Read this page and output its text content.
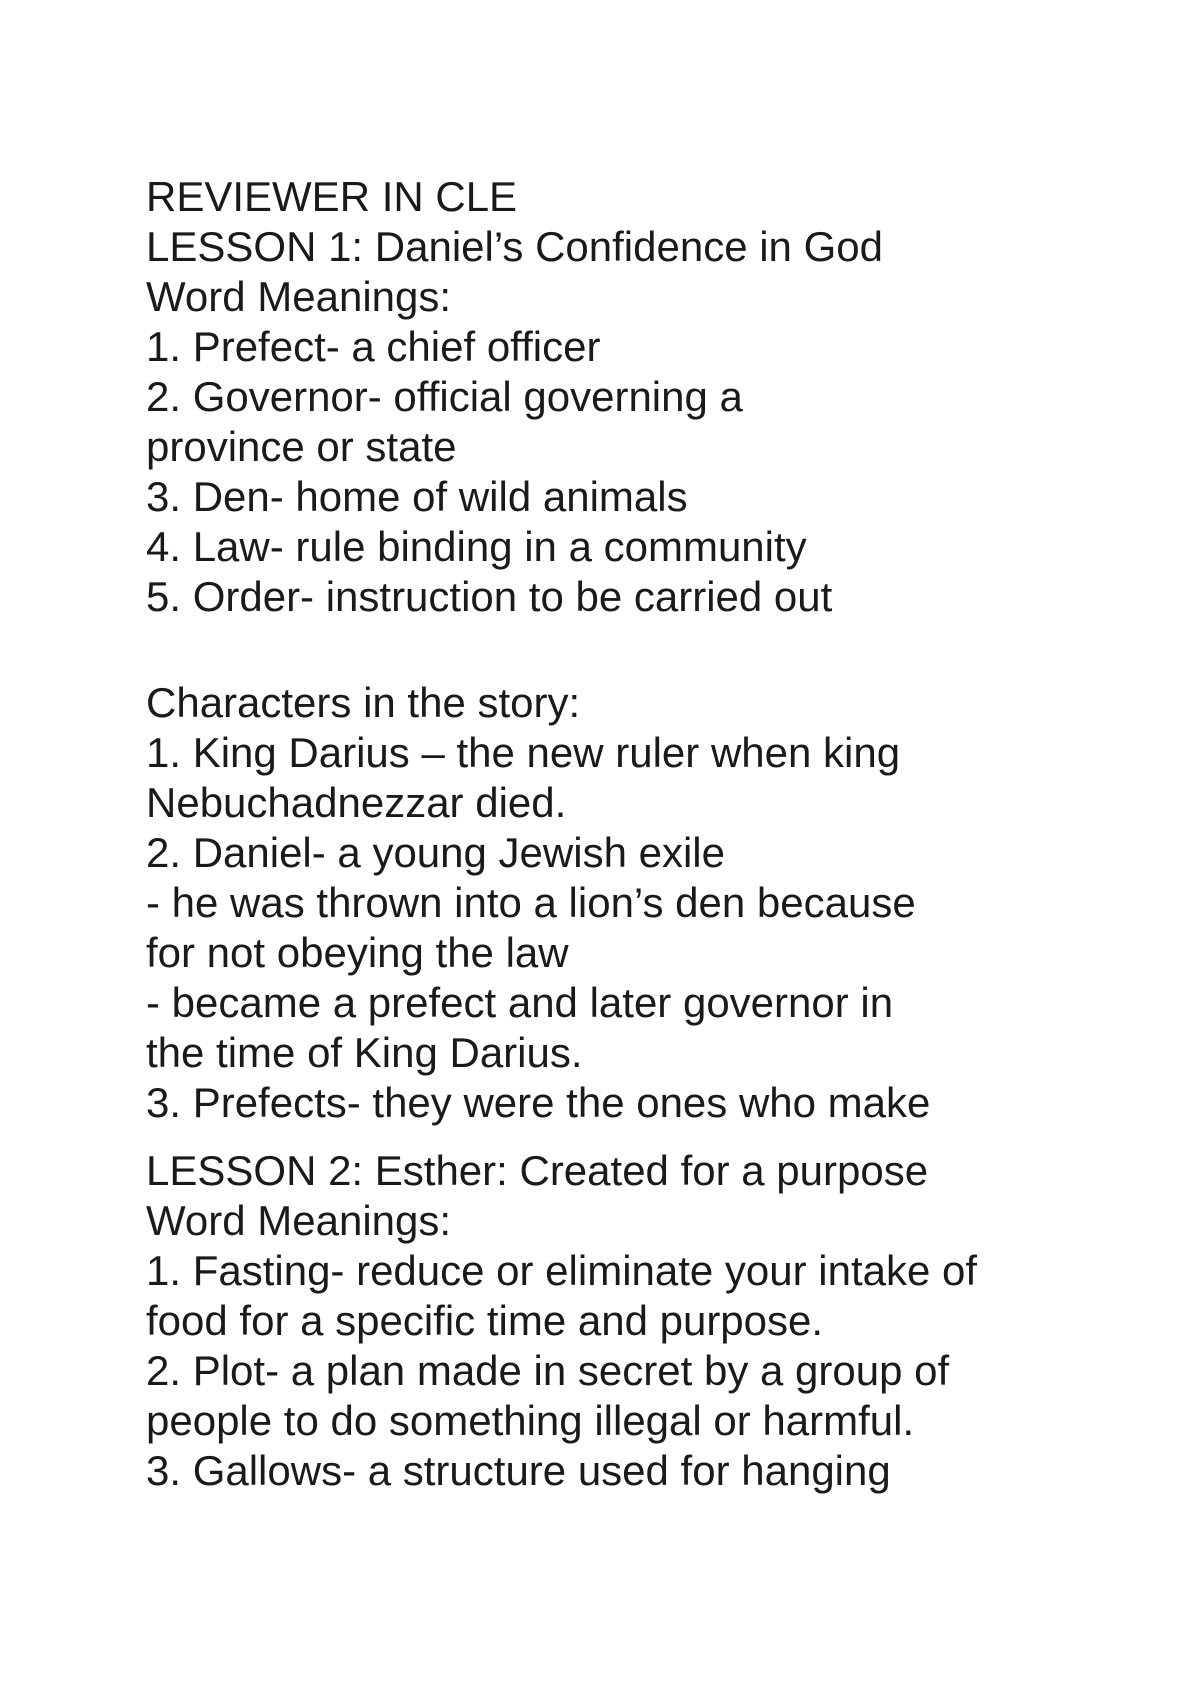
REVIEWER IN CLE
LESSON 1: Daniel’s Confidence in God
Word Meanings:
1. Prefect- a chief officer
2. Governor- official governing a
province or state
3. Den- home of wild animals
4. Law- rule binding in a community
5. Order- instruction to be carried out
Characters in the story:
1. King Darius – the new ruler when king
Nebuchadnezzar died.
2. Daniel- a young Jewish exile
- he was thrown into a lion’s den because
for not obeying the law
- became a prefect and later governor in
the time of King Darius.
3. Prefects- they were the ones who make
LESSON 2: Esther: Created for a purpose
Word Meanings:
1. Fasting- reduce or eliminate your intake of
food for a specific time and purpose.
2. Plot- a plan made in secret by a group of
people to do something illegal or harmful.
3. Gallows- a structure used for hanging
